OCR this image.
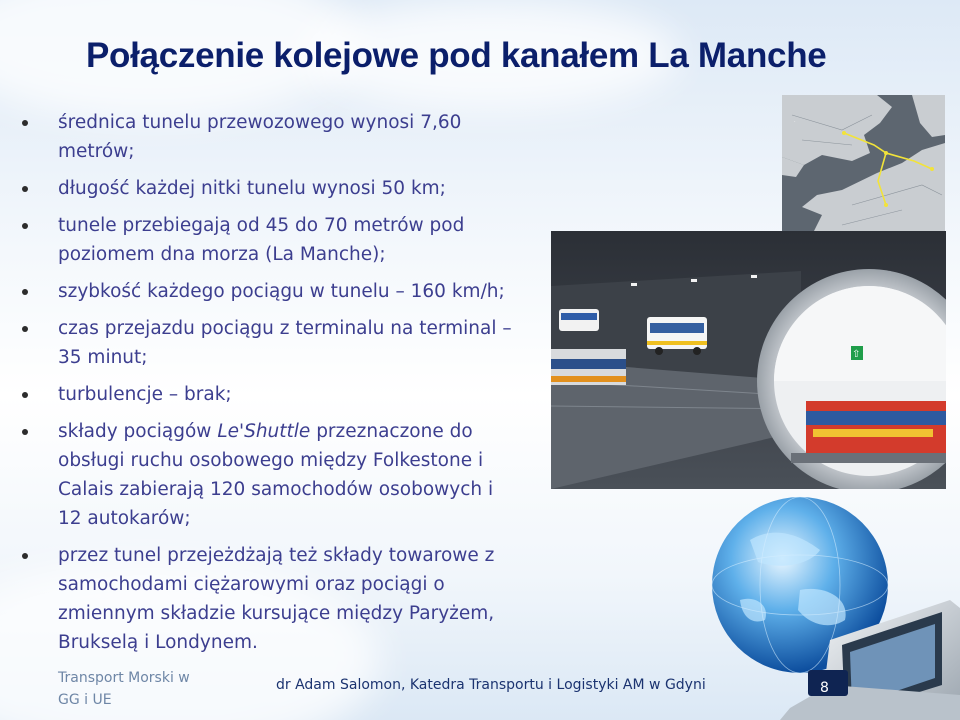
Połączenie kolejowe pod kanałem La Manche
średnica tunelu przewozowego wynosi 7,60 metrów;
długość każdej nitki tunelu wynosi 50 km;
tunele przebiegają od 45 do 70 metrów pod poziomem dna morza (La Manche);
szybkość każdego pociągu w tunelu – 160 km/h;
czas przejazdu pociągu z terminalu na terminal – 35 minut;
turbulencje – brak;
składy pociągów Le'Shuttle przeznaczone do obsługi ruchu osobowego między Folkestone i Calais zabierają 120 samochodów osobowych i 12 autokarów;
przez tunel przejeżdżają też składy towarowe z samochodami ciężarowymi oraz pociągi o zmiennym składzie kursujące między Paryżem, Brukselą i Londynem.
·
⇧
Transport Morski w GG i UE
dr Adam Salomon, Katedra Transportu i Logistyki AM w Gdyni	8
